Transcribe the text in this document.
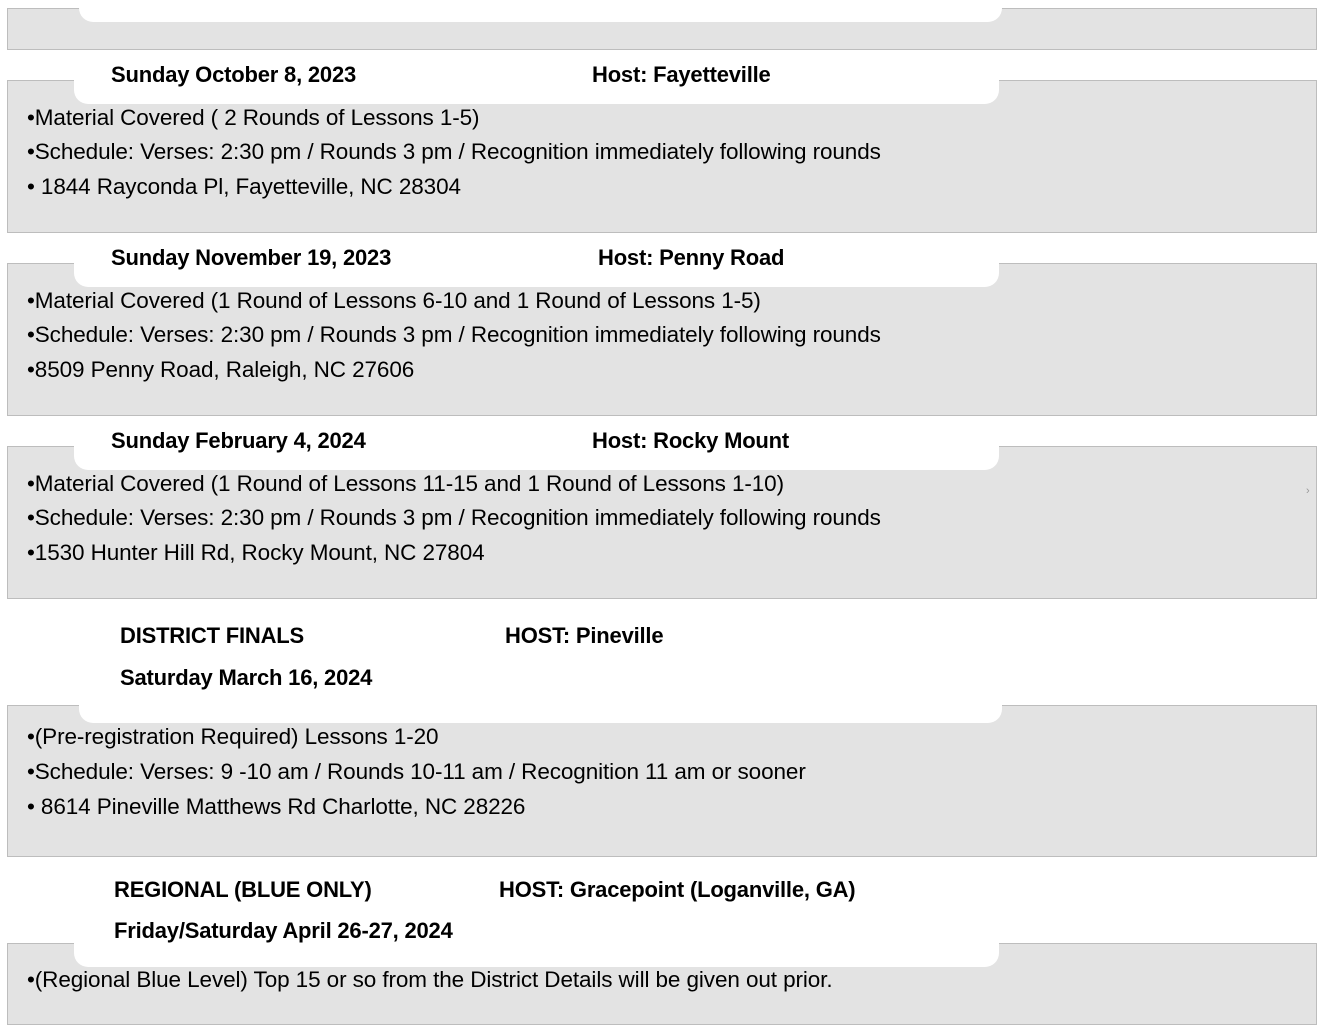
Sunday October 8, 2023	Host: Fayetteville
•Material Covered ( 2 Rounds of Lessons 1-5)
•Schedule: Verses: 2:30 pm / Rounds 3 pm / Recognition immediately following rounds
• 1844 Rayconda Pl, Fayetteville, NC 28304
Sunday November 19, 2023	Host: Penny Road
•Material Covered (1 Round of Lessons 6-10 and 1 Round of Lessons 1-5)
•Schedule: Verses: 2:30 pm / Rounds 3 pm / Recognition immediately following rounds
•8509 Penny Road, Raleigh, NC 27606
Sunday February 4, 2024	Host: Rocky Mount
•Material Covered (1 Round of Lessons 11-15 and 1 Round of Lessons 1-10)
•Schedule: Verses: 2:30 pm / Rounds 3 pm / Recognition immediately following rounds
•1530 Hunter Hill Rd, Rocky Mount, NC 27804
›
DISTRICT FINALS	HOST: Pineville
Saturday March 16, 2024
•(Pre-registration Required) Lessons 1-20
•Schedule: Verses: 9 -10 am / Rounds 10-11 am / Recognition 11 am or sooner
• 8614 Pineville Matthews Rd Charlotte, NC 28226
REGIONAL (BLUE ONLY)	HOST: Gracepoint (Loganville, GA)
Friday/Saturday April 26-27, 2024
•(Regional Blue Level) Top 15 or so from the District Details will be given out prior.
